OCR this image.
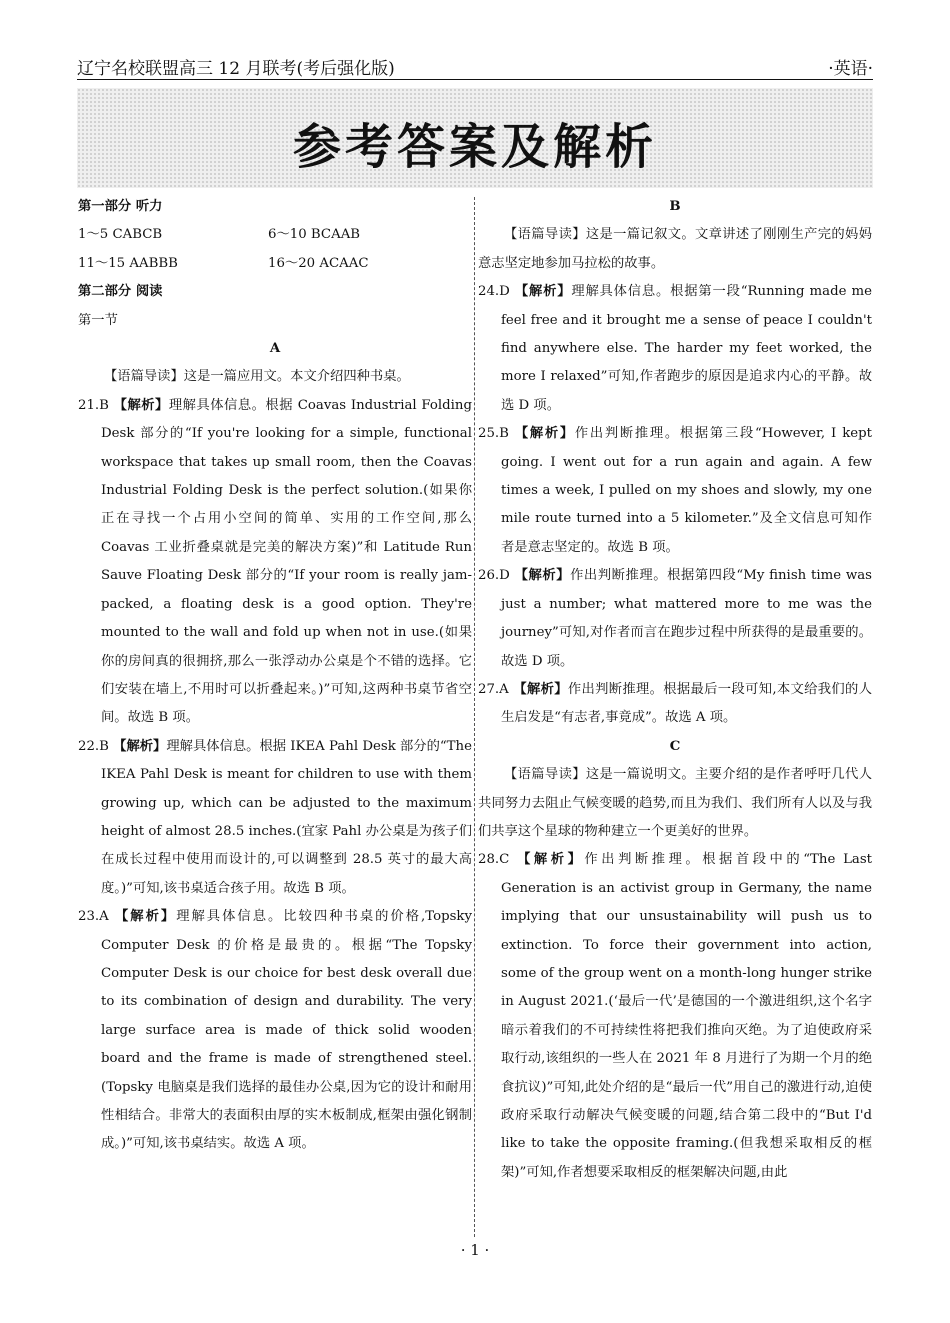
辽宁名校联盟高三 12 月联考(考后强化版)	·英语·
参考答案及解析
第一部分 听力
1～5 CABCB	6～10 BCAAB
11～15 AABBB	16～20 ACAAC
第二部分 阅读
第一节
A
【语篇导读】这是一篇应用文。本文介绍四种书桌。
21.B 【解析】理解具体信息。根据 Coavas Industrial Folding Desk 部分的“If you're looking for a simple, functional workspace that takes up small room, then the Coavas Industrial Folding Desk is the perfect solution.(如果你正在寻找一个占用小空间的简单、实用的工作空间,那么 Coavas 工业折叠桌就是完美的解决方案)”和 Latitude Run Sauve Floating Desk 部分的“If your room is really jam-packed, a floating desk is a good option. They're mounted to the wall and fold up when not in use.(如果你的房间真的很拥挤,那么一张浮动办公桌是个不错的选择。它们安装在墙上,不用时可以折叠起来。)”可知,这两种书桌节省空间。故选 B 项。
22.B 【解析】理解具体信息。根据 IKEA Pahl Desk 部分的“The IKEA Pahl Desk is meant for children to use with them growing up, which can be adjusted to the maximum height of almost 28.5 inches.(宜家 Pahl 办公桌是为孩子们在成长过程中使用而设计的,可以调整到 28.5 英寸的最大高度。)”可知,该书桌适合孩子用。故选 B 项。
23.A 【解析】理解具体信息。比较四种书桌的价格,Topsky Computer Desk 的价格是最贵的。根据“The Topsky Computer Desk is our choice for best desk overall due to its combination of design and durability. The very large surface area is made of thick solid wooden board and the frame is made of strengthened steel.(Topsky 电脑桌是我们选择的最佳办公桌,因为它的设计和耐用性相结合。非常大的表面积由厚的实木板制成,框架由强化钢制成。)”可知,该书桌结实。故选 A 项。
B
【语篇导读】这是一篇记叙文。文章讲述了刚刚生产完的妈妈意志坚定地参加马拉松的故事。
24.D 【解析】理解具体信息。根据第一段“Running made me feel free and it brought me a sense of peace I couldn't find anywhere else. The harder my feet worked, the more I relaxed”可知,作者跑步的原因是追求内心的平静。故选 D 项。
25.B 【解析】作出判断推理。根据第三段“However, I kept going. I went out for a run again and again. A few times a week, I pulled on my shoes and slowly, my one mile route turned into a 5 kilometer.”及全文信息可知作者是意志坚定的。故选 B 项。
26.D 【解析】作出判断推理。根据第四段“My finish time was just a number; what mattered more to me was the journey”可知,对作者而言在跑步过程中所获得的是最重要的。故选 D 项。
27.A 【解析】作出判断推理。根据最后一段可知,本文给我们的人生启发是“有志者,事竟成”。故选 A 项。
C
【语篇导读】这是一篇说明文。主要介绍的是作者呼吁几代人共同努力去阻止气候变暖的趋势,而且为我们、我们所有人以及与我们共享这个星球的物种建立一个更美好的世界。
28.C 【解析】作出判断推理。根据首段中的“The Last Generation is an activist group in Germany, the name implying that our unsustainability will push us to extinction. To force their government into action, some of the group went on a month-long hunger strike in August 2021.(‘最后一代’是德国的一个激进组织,这个名字暗示着我们的不可持续性将把我们推向灭绝。为了迫使政府采取行动,该组织的一些人在 2021 年 8 月进行了为期一个月的绝食抗议)”可知,此处介绍的是“最后一代”用自己的激进行动,迫使政府采取行动解决气候变暖的问题,结合第二段中的“But I'd like to take the opposite framing.(但我想采取相反的框架)”可知,作者想要采取相反的框架解决问题,由此
· 1 ·
